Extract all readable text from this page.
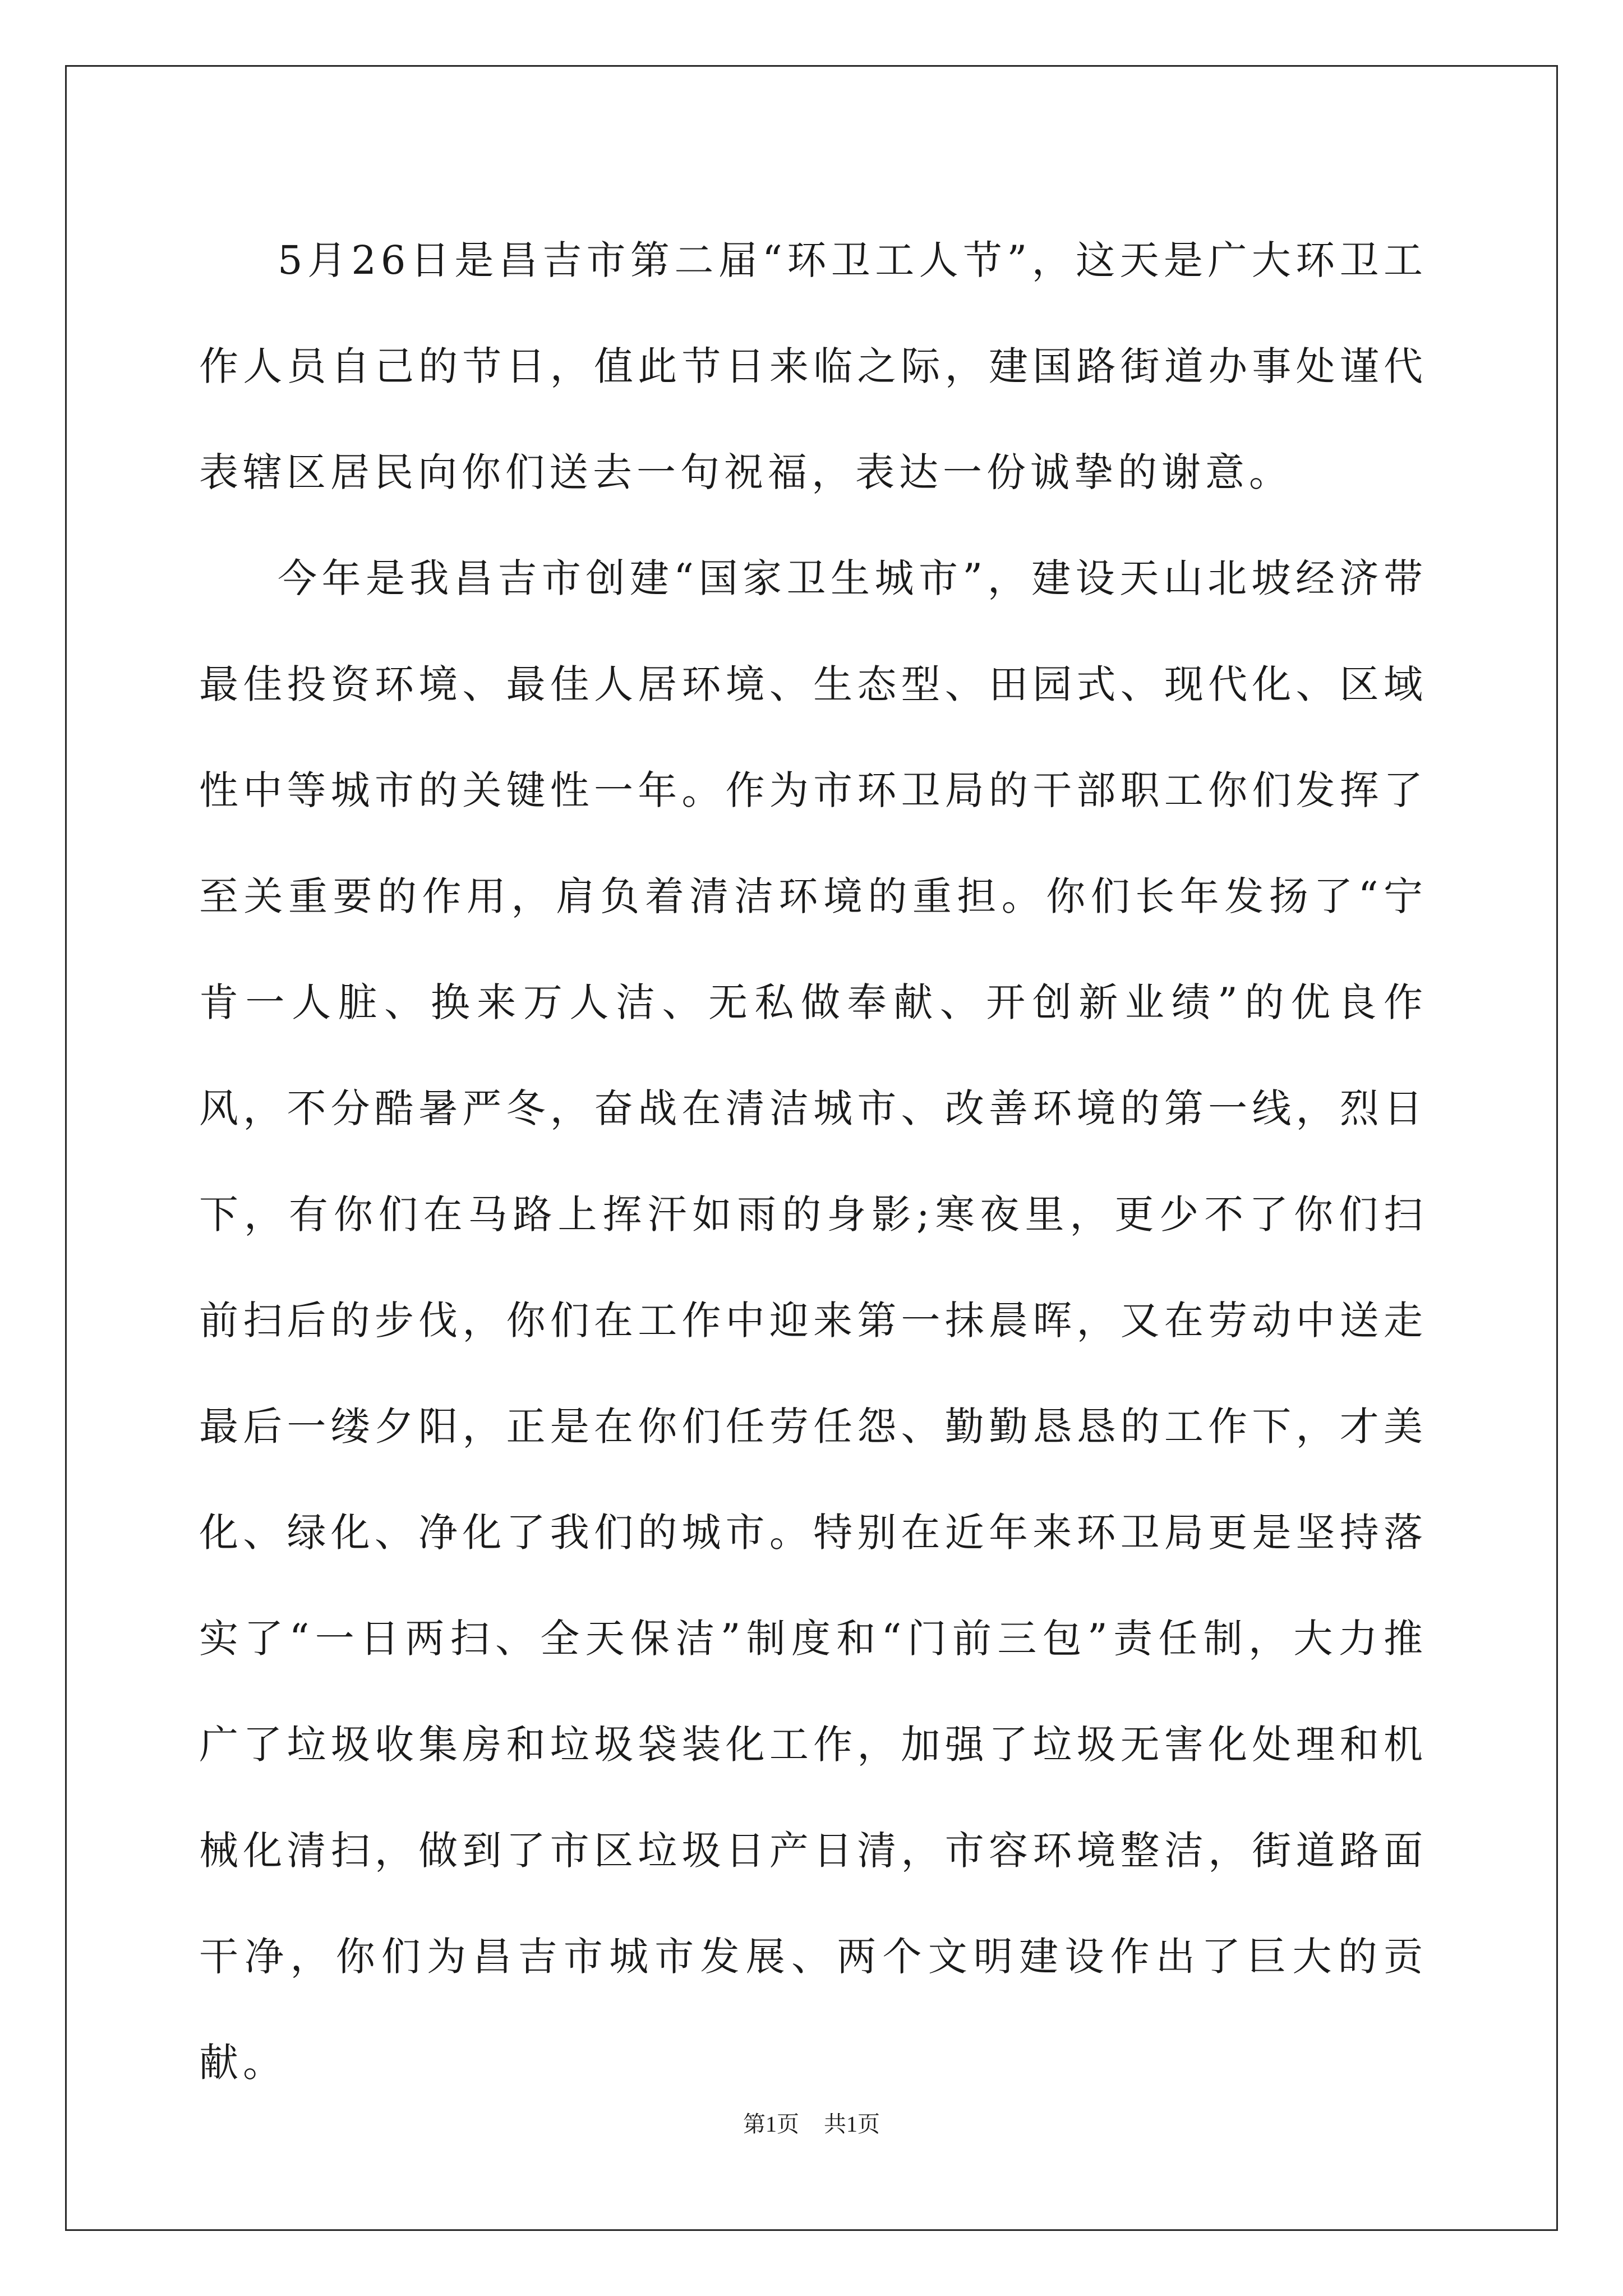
5月26日是昌吉市第二届“环卫工人节”，这天是广大环卫工作人员自己的节日，值此节日来临之际，建国路街道办事处谨代表辖区居民向你们送去一句祝福，表达一份诚挚的谢意。

今年是我昌吉市创建“国家卫生城市”，建设天山北坡经济带最佳投资环境、最佳人居环境、生态型、田园式、现代化、区域性中等城市的关键性一年。作为市环卫局的干部职工你们发挥了至关重要的作用，肩负着清洁环境的重担。你们长年发扬了“宁肯一人脏、换来万人洁、无私做奉献、开创新业绩”的优良作风，不分酷暑严冬，奋战在清洁城市、改善环境的第一线，烈日下，有你们在马路上挥汗如雨的身影;寒夜里，更少不了你们扫前扫后的步伐，你们在工作中迎来第一抹晨晖，又在劳动中送走最后一缕夕阳，正是在你们任劳任怨、勤勤恳恳的工作下，才美化、绿化、净化了我们的城市。特别在近年来环卫局更是坚持落实了“一日两扫、全天保洁”制度和“门前三包”责任制，大力推广了垃圾收集房和垃圾袋装化工作，加强了垃圾无害化处理和机械化清扫，做到了市区垃圾日产日清，市容环境整洁，街道路面干净，你们为昌吉市城市发展、两个文明建设作出了巨大的贡献。

第1页 共1页
